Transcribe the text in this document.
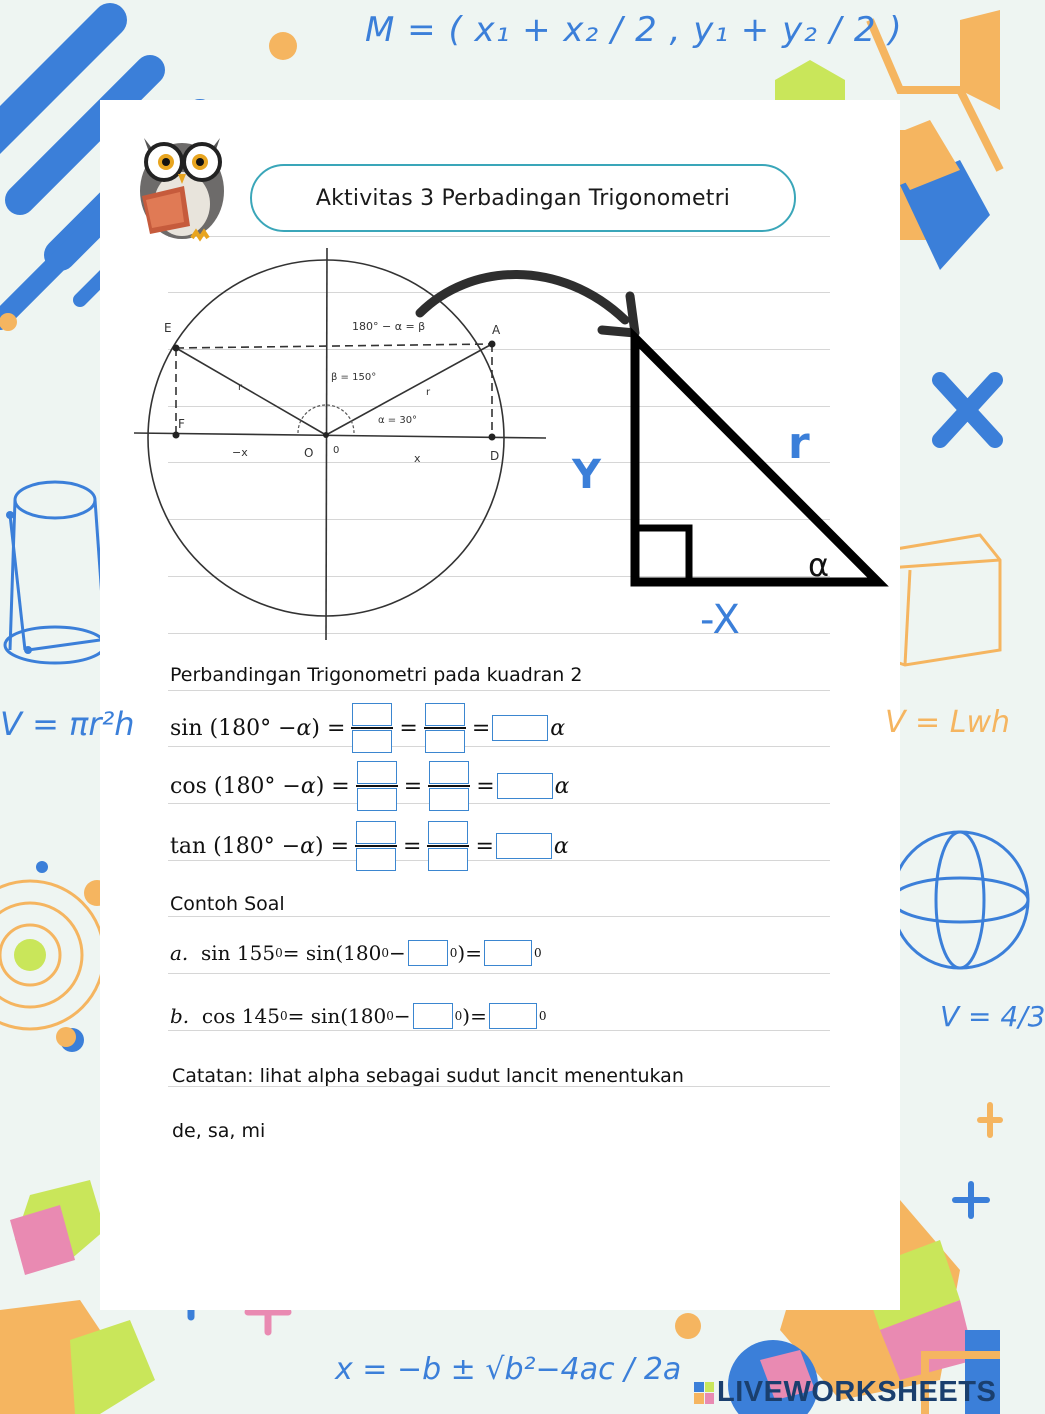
M = ( x₁ + x₂ / 2 , y₁ + y₂ / 2 )
V = πr²h	V = Lwh
V = 4/3
x = −b ± √b²−4ac / 2a
Aktivitas 3 Perbadingan Trigonometri
E	A
F
D
O 0
−x	x
r	r
180° − α = β
β = 150°
α = 30°
Y
r
-X
α
Perbandingan Trigonometri pada kuadran 2
sin
(180° − α ) = = =	α
cos
(180° − α ) = = =	α
tan
(180° − α ) = = =	α
Contoh Soal
a.
sin 155 0 = sin(180 0 −	0 ) =	0
b.
cos 145 0 = sin(180 0 −	0 ) =	0
Catatan: lihat alpha sebagai sudut lancit menentukan
de, sa, mi
LIVEWORKSHEETS
